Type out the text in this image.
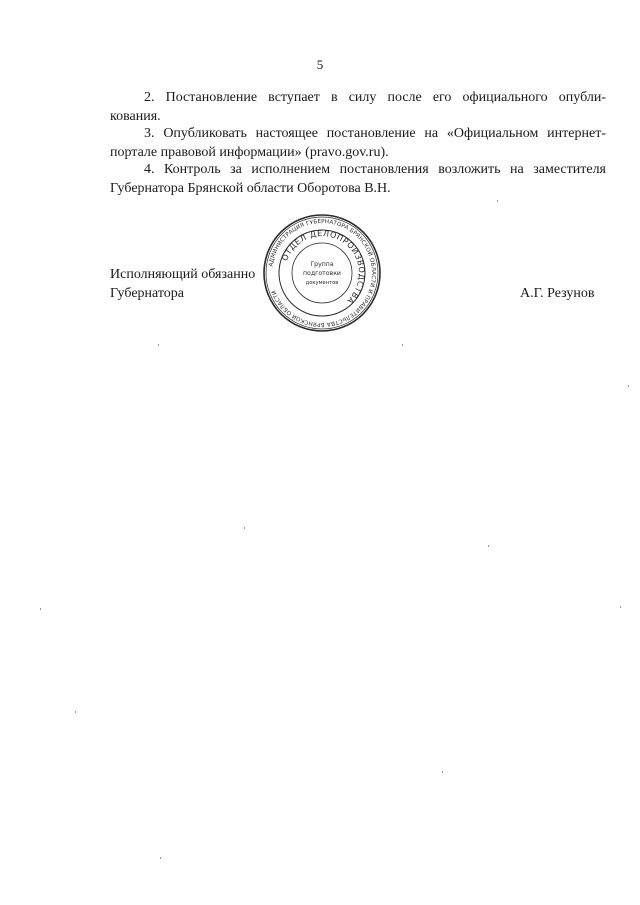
5
2. Постановление вступает в силу после его официального опубли-
кования.
3. Опубликовать настоящее постановление на «Официальном интернет-
портале правовой информации» (pravo.gov.ru).
4. Контроль за исполнением постановления возложить на заместителя
Губернатора Брянской области Оборотова В.Н.
Исполняющий обязанно
Губернатора	А.Г. Резунов
АДМИНИСТРАЦИЯ ГУБЕРНАТОРА БРЯНСКОЙ ОБЛАСТИ И ПРАВИТЕЛЬСТВА БРЯНСКОЙ ОБЛАСТИ
ОТДЕЛ ДЕЛОПРОИЗВОДСТВА
Группа
подготовки
документов
